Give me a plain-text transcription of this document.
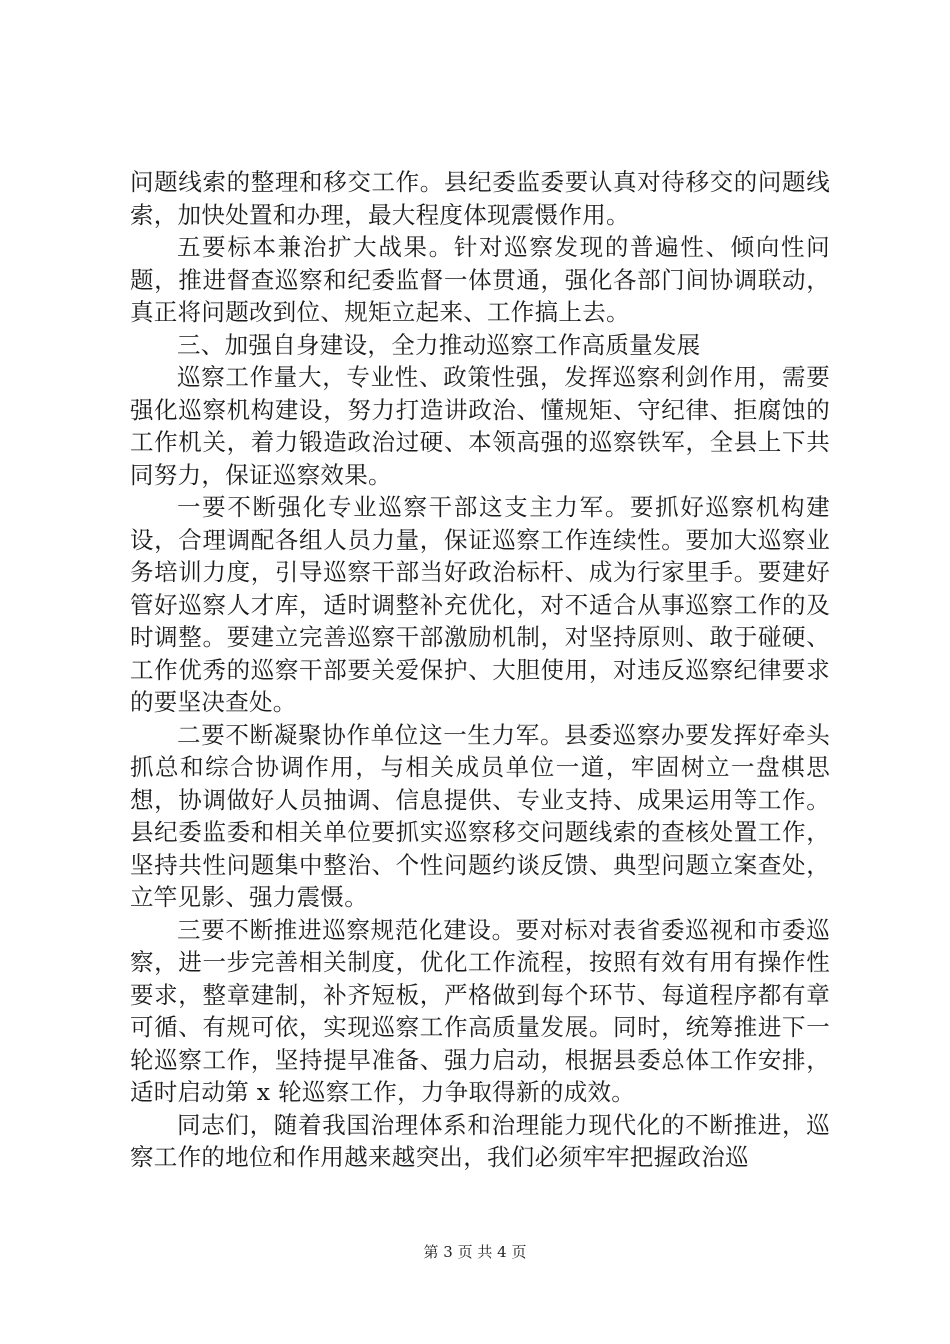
问题线索的整理和移交工作。县纪委监委要认真对待移交的问题线索，加快处置和办理，最大程度体现震慑作用。

五要标本兼治扩大战果。针对巡察发现的普遍性、倾向性问题，推进督查巡察和纪委监督一体贯通，强化各部门间协调联动，真正将问题改到位、规矩立起来、工作搞上去。

三、加强自身建设，全力推动巡察工作高质量发展

巡察工作量大，专业性、政策性强，发挥巡察利剑作用，需要强化巡察机构建设，努力打造讲政治、懂规矩、守纪律、拒腐蚀的工作机关，着力锻造政治过硬、本领高强的巡察铁军，全县上下共同努力，保证巡察效果。

一要不断强化专业巡察干部这支主力军。要抓好巡察机构建设，合理调配各组人员力量，保证巡察工作连续性。要加大巡察业务培训力度，引导巡察干部当好政治标杆、成为行家里手。要建好管好巡察人才库，适时调整补充优化，对不适合从事巡察工作的及时调整。要建立完善巡察干部激励机制，对坚持原则、敢于碰硬、工作优秀的巡察干部要关爱保护、大胆使用，对违反巡察纪律要求的要坚决查处。

二要不断凝聚协作单位这一生力军。县委巡察办要发挥好牵头抓总和综合协调作用，与相关成员单位一道，牢固树立一盘棋思想，协调做好人员抽调、信息提供、专业支持、成果运用等工作。县纪委监委和相关单位要抓实巡察移交问题线索的查核处置工作，坚持共性问题集中整治、个性问题约谈反馈、典型问题立案查处，立竿见影、强力震慑。

三要不断推进巡察规范化建设。要对标对表省委巡视和市委巡察，进一步完善相关制度，优化工作流程，按照有效有用有操作性要求，整章建制，补齐短板，严格做到每个环节、每道程序都有章可循、有规可依，实现巡察工作高质量发展。同时，统筹推进下一轮巡察工作，坚持提早准备、强力启动，根据县委总体工作安排，适时启动第 x 轮巡察工作，力争取得新的成效。

同志们，随着我国治理体系和治理能力现代化的不断推进，巡察工作的地位和作用越来越突出，我们必须牢牢把握政治巡

第 3 页 共 4 页
